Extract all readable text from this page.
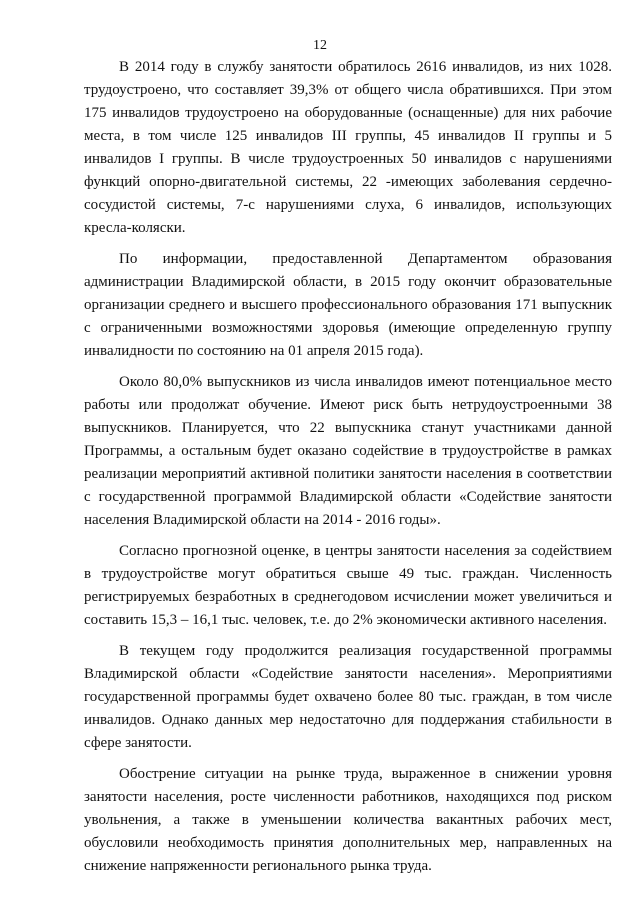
12

В 2014 году в службу занятости обратилось 2616 инвалидов, из них 1028. трудоустроено, что составляет 39,3% от общего числа обратившихся. При этом 175 инвалидов трудоустроено на оборудованные (оснащенные) для них рабочие места, в том числе 125 инвалидов III группы, 45 инвалидов II группы и 5 инвалидов I группы. В числе трудоустроенных 50 инвалидов с нарушениями функций опорно-двигательной системы, 22 -имеющих заболевания сердечно-сосудистой системы, 7-с нарушениями слуха, 6 инвалидов, использующих кресла-коляски.

По информации, предоставленной Департаментом образования администрации Владимирской области, в 2015 году окончит образовательные организации среднего и высшего профессионального образования 171 выпускник с ограниченными возможностями здоровья (имеющие определенную группу инвалидности по состоянию на 01 апреля 2015 года).

Около 80,0% выпускников из числа инвалидов имеют потенциальное место работы или продолжат обучение. Имеют риск быть нетрудоустроенными 38 выпускников. Планируется, что 22 выпускника станут участниками данной Программы, а остальным будет оказано содействие в трудоустройстве в рамках реализации мероприятий активной политики занятости населения в соответствии с государственной программой Владимирской области «Содействие занятости населения Владимирской области на 2014 - 2016 годы».

Согласно прогнозной оценке, в центры занятости населения за содействием в трудоустройстве могут обратиться свыше 49 тыс. граждан. Численность регистрируемых безработных в среднегодовом исчислении может увеличиться и составить 15,3 – 16,1 тыс. человек, т.е. до 2% экономически активного населения.

В текущем году продолжится реализация государственной программы Владимирской области «Содействие занятости населения». Мероприятиями государственной программы будет охвачено более 80 тыс. граждан, в том числе инвалидов. Однако данных мер недостаточно для поддержания стабильности в сфере занятости.

Обострение ситуации на рынке труда, выраженное в снижении уровня занятости населения, росте численности работников, находящихся под риском увольнения, а также в уменьшении количества вакантных рабочих мест, обусловили необходимость принятия дополнительных мер, направленных на снижение напряженности регионального рынка труда.
